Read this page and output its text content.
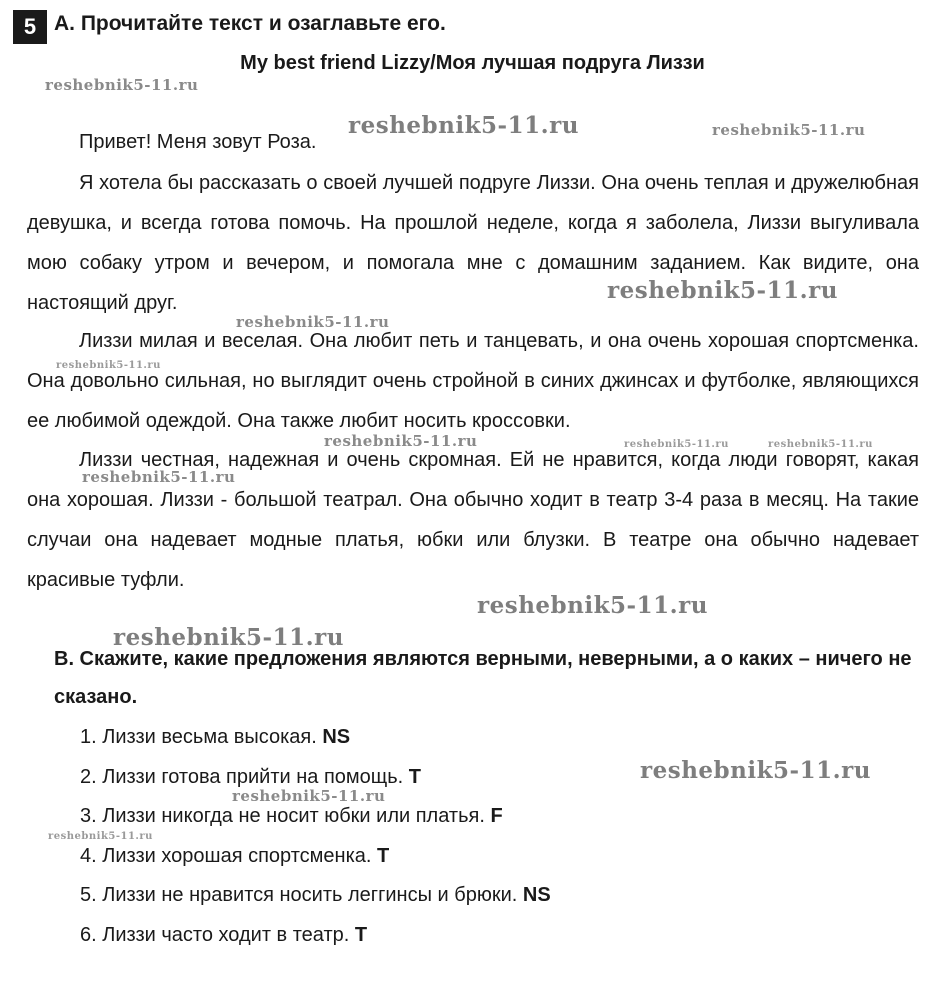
5 A. Прочитайте текст и озаглавьте его.
My best friend Lizzy/Моя лучшая подруга Лиззи

Привет! Меня зовут Роза.

Я хотела бы рассказать о своей лучшей подруге Лиззи. Она очень теплая и дружелюбная девушка, и всегда готова помочь. На прошлой неделе, когда я заболела, Лиззи выгуливала мою собаку утром и вечером, и помогала мне с домашним заданием. Как видите, она настоящий друг.

Лиззи милая и веселая. Она любит петь и танцевать, и она очень хорошая спортсменка. Она довольно сильная, но выглядит очень стройной в синих джинсах и футболке, являющихся ее любимой одеждой. Она также любит носить кроссовки.

Лиззи честная, надежная и очень скромная. Ей не нравится, когда люди говорят, какая она хорошая. Лиззи - большой театрал. Она обычно ходит в театр 3-4 раза в месяц. На такие случаи она надевает модные платья, юбки или блузки. В театре она обычно надевает красивые туфли.

B. Скажите, какие предложения являются верными, неверными, а о каких – ничего не сказано.

1. Лиззи весьма высокая. NS
2. Лиззи готова прийти на помощь. T
3. Лиззи никогда не носит юбки или платья. F
4. Лиззи хорошая спортсменка. T
5. Лиззи не нравится носить леггинсы и брюки. NS
6. Лиззи часто ходит в театр. T
reshebnik5-11.ru
reshebnik5-11.ru	reshebnik5-11.ru
reshebnik5-11.ru
reshebnik5-11.ru
reshebnik5-11.ru
reshebnik5-11.ru	reshebnik5-11.ru	reshebnik5-11.ru
reshebnik5-11.ru
reshebnik5-11.ru
reshebnik5-11.ru
reshebnik5-11.ru
reshebnik5-11.ru
reshebnik5-11.ru
